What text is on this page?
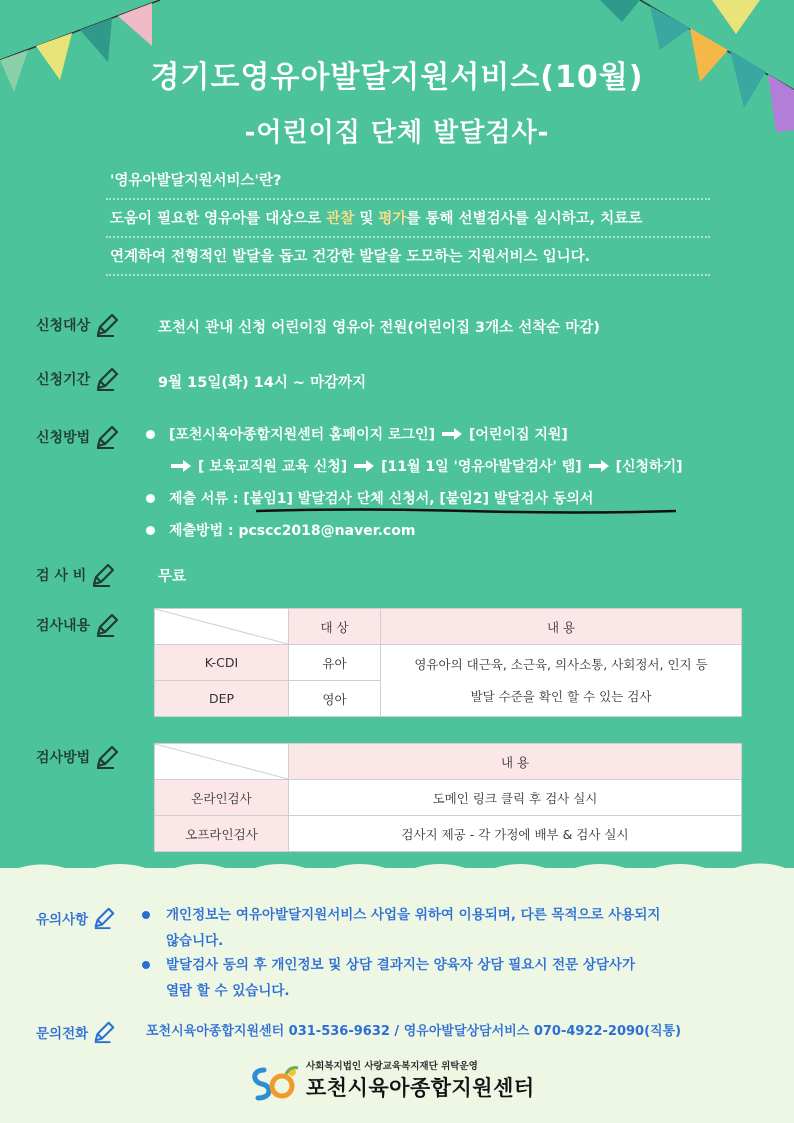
경기도영유아발달지원서비스(10월)
-어린이집 단체 발달검사-
'영유아발달지원서비스'란?
도움이 필요한 영유아를 대상으로 관찰 및 평가를 통해 선별검사를 실시하고, 치료로
연계하여 전형적인 발달을 돕고 건강한 발달을 도모하는 지원서비스 입니다.
신청대상	포천시 관내 신청 어린이집 영유아 전원(어린이집 3개소 선착순 마감)
신청기간	9월 15일(화) 14시 ~ 마감까지
신청방법	[포천시육아종합지원센터 홈페이지 로그인] [어린이집 지원]
[ 보육교직원 교육 신청] [11월 1일 '영유아발달검사' 탭] [신청하기]
제출 서류 : [붙임1] 발달검사 단체 신청서, [붙임2] 발달검사 동의서
제출방법 : pcscc2018@naver.com
검 사 비	무료
검사내용
		대 상	내 용
K-CDI	유아	영유아의 대근육, 소근육, 의사소통, 사회정서, 인지 등
발달 수준을 확인 할 수 있는 검사

DEP	영아	
검사방법
		내 용
온라인검사	도메인 링크 클릭 후 검사 실시
오프라인검사	검사지 제공 - 각 가정에 배부 & 검사 실시
유의사항	개인정보는 여유아발달지원서비스 사업을 위하여 이용되며, 다른 목적으로 사용되지
않습니다.
발달검사 동의 후 개인정보 및 상담 결과지는 양육자 상담 필요시 전문 상담사가
열람 할 수 있습니다.
문의전화	포천시육아종합지원센터 031-536-9632 / 영유아발달상담서비스 070-4922-2090(직통)
사회복지법인 사랑교육복지재단 위탁운영
포천시육아종합지원센터
